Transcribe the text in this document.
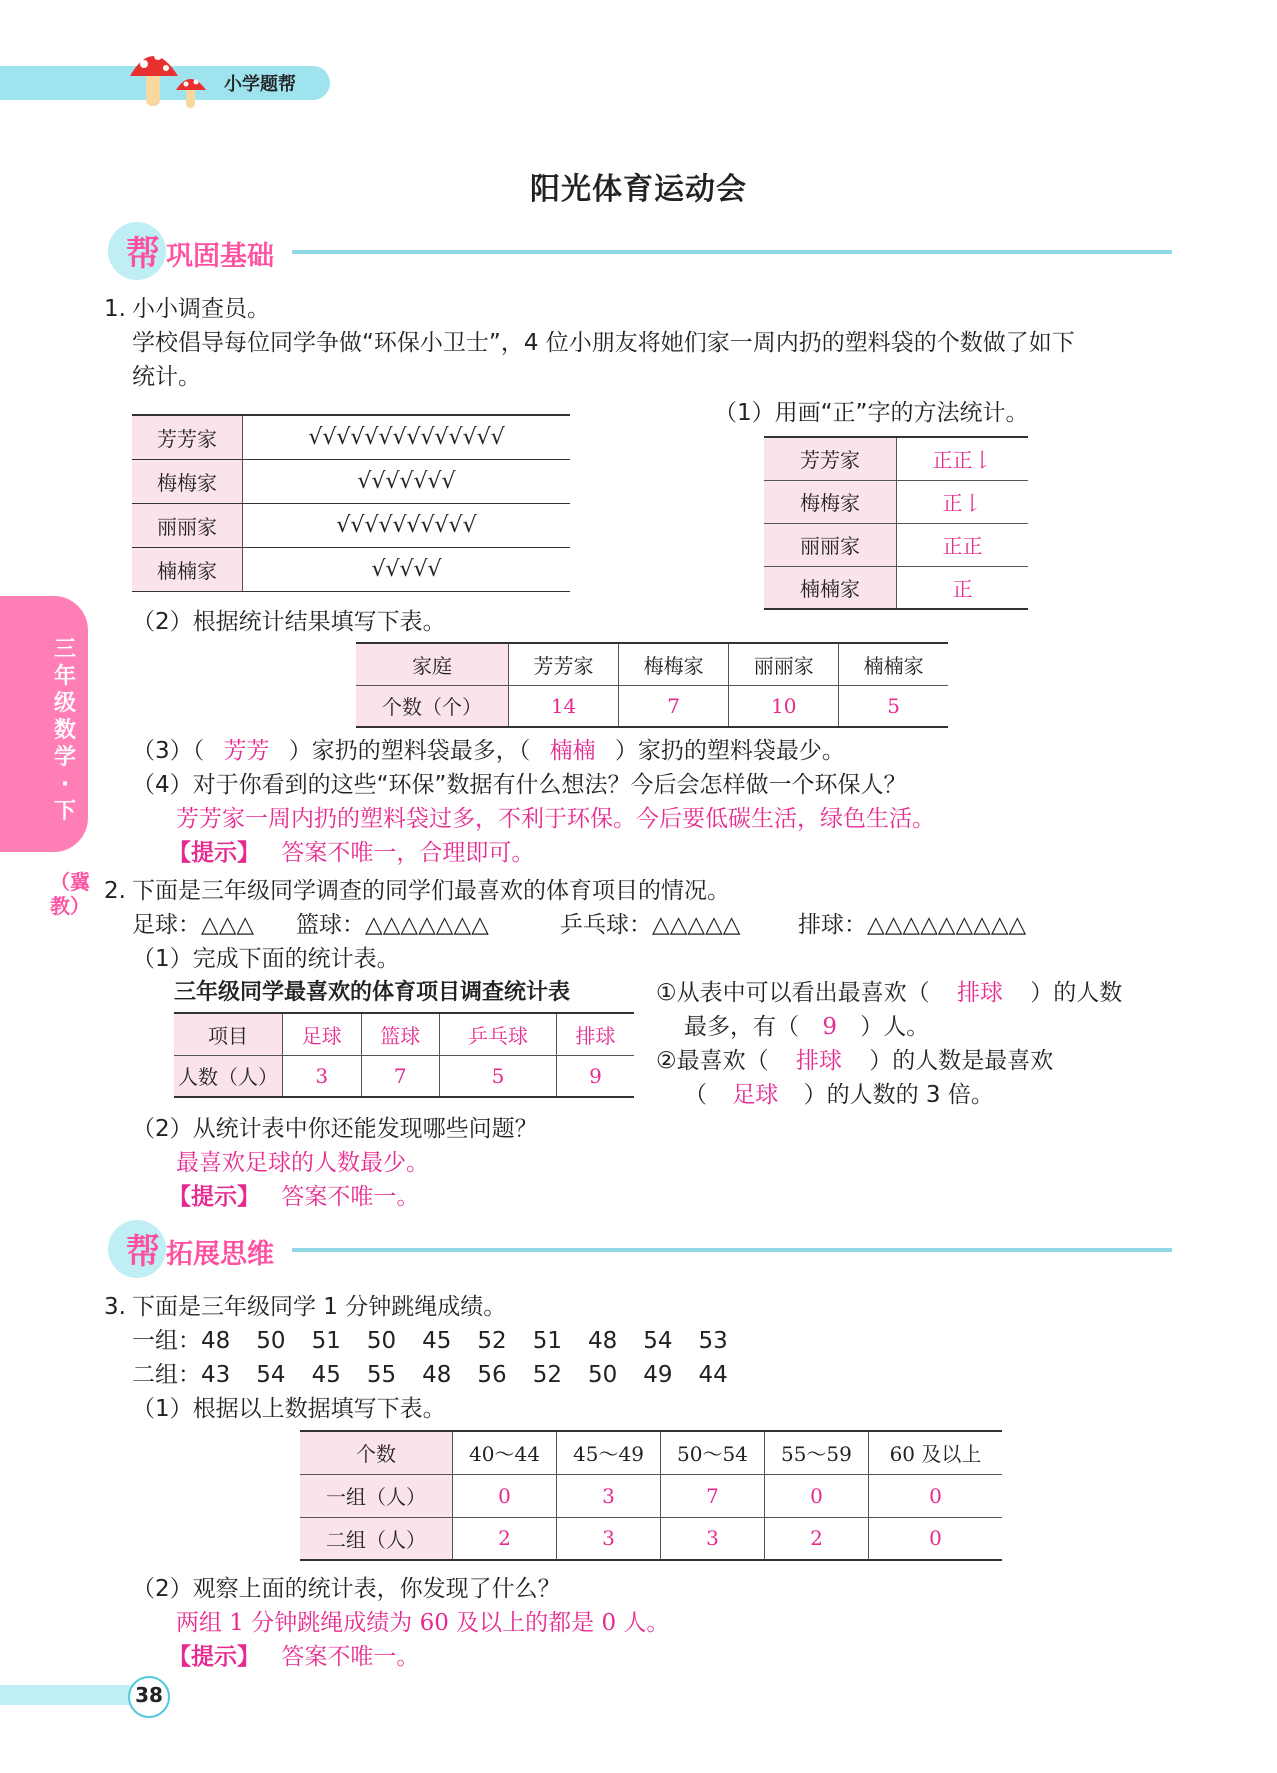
小学题帮
阳光体育运动会
三年级数学·下
（冀教）
帮 巩固基础
1. 小小调查员。
学校倡导每位同学争做“环保小卫士”，4 位小朋友将她们家一周内扔的塑料袋的个数做了如下
统计。
芳芳家	√√√√√√√√√√√√√√
梅梅家	√√√√√√√
丽丽家	√√√√√√√√√√
楠楠家	√√√√√
（1）用画“正”字的方法统计。
芳芳家	正正𠄌
梅梅家	正𠄌
丽丽家	正正
楠楠家	正
（2）根据统计结果填写下表。
家庭	芳芳家	梅梅家	丽丽家	楠楠家
个数（个）	14	7	10	5
（3）（ 芳芳 ）家扔的塑料袋最多，（ 楠楠 ）家扔的塑料袋最少。
（4）对于你看到的这些“环保”数据有什么想法？今后会怎样做一个环保人？
芳芳家一周内扔的塑料袋过多，不利于环保。今后要低碳生活，绿色生活。
【提示】 答案不唯一，合理即可。
2. 下面是三年级同学调查的同学们最喜欢的体育项目的情况。
足球：△△△ 篮球：△△△△△△△	乒乓球：△△△△△	排球：△△△△△△△△△
（1）完成下面的统计表。
三年级同学最喜欢的体育项目调查统计表
项目	足球	篮球	乒乓球	排球
人数（人）	3	7	5	9
①从表中可以看出最喜欢（ 排球 ）的人数
最多，有（ 9 ）人。
②最喜欢（ 排球 ）的人数是最喜欢
（ 足球 ）的人数的 3 倍。
（2）从统计表中你还能发现哪些问题？
最喜欢足球的人数最少。
【提示】 答案不唯一。
帮 拓展思维
3. 下面是三年级同学 1 分钟跳绳成绩。
一组：48 50 51 50 45 52 51 48 54 53
二组：43 54 45 55 48 56 52 50 49 44
（1）根据以上数据填写下表。
个数	40～44	45～49	50～54	55～59	60 及以上
一组（人）	0	3	7	0	0
二组（人）	2	3	3	2	0
（2）观察上面的统计表，你发现了什么？
两组 1 分钟跳绳成绩为 60 及以上的都是 0 人。
【提示】 答案不唯一。
38
